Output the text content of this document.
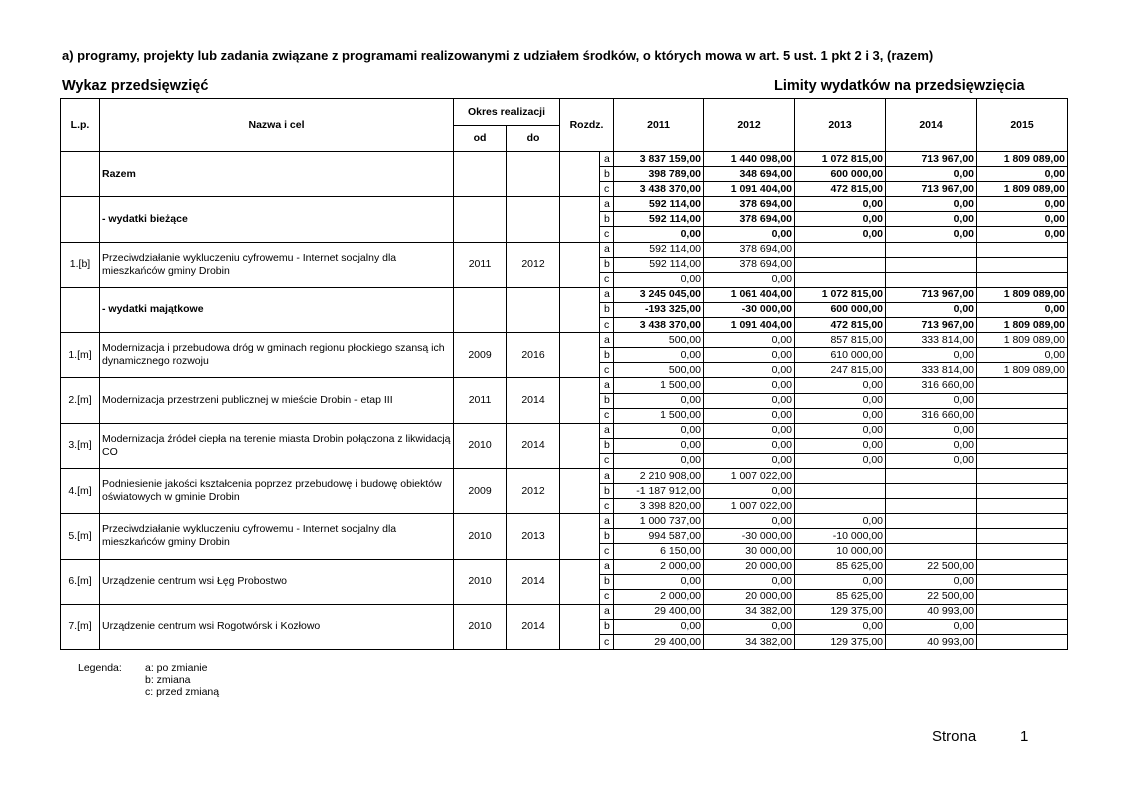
a) programy, projekty lub zadania związane z programami realizowanymi z udziałem środków, o których mowa w art. 5 ust. 1 pkt 2 i 3, (razem)
Wykaz przedsięwzięć	Limity wydatków na przedsięwzięcia
L.p.	Nazwa i cel	Okres realizacji		Rozdz.		2011	2012	2013	2014	2015
		od	do							
	Razem				a	3 837 159,00	1 440 098,00	1 072 815,00	713 967,00	1 809 089,00
					b	398 789,00	348 694,00	600 000,00	0,00	0,00
					c	3 438 370,00	1 091 404,00	472 815,00	713 967,00	1 809 089,00
	- wydatki bieżące				a	592 114,00	378 694,00	0,00	0,00	0,00
					b	592 114,00	378 694,00	0,00	0,00	0,00
					c	0,00	0,00	0,00	0,00	0,00
1.[b]	Przeciwdziałanie wykluczeniu cyfrowemu - Internet socjalny dla mieszkańców gminy Drobin	2011	2012		a	592 114,00	378 694,00			
					b	592 114,00	378 694,00			
					c	0,00	0,00			
	- wydatki majątkowe				a	3 245 045,00	1 061 404,00	1 072 815,00	713 967,00	1 809 089,00
					b	-193 325,00	-30 000,00	600 000,00	0,00	0,00
					c	3 438 370,00	1 091 404,00	472 815,00	713 967,00	1 809 089,00
1.[m]	Modernizacja i przebudowa dróg w gminach regionu płockiego szansą ich dynamicznego rozwoju	2009	2016		a	500,00	0,00	857 815,00	333 814,00	1 809 089,00
					b	0,00	0,00	610 000,00	0,00	0,00
					c	500,00	0,00	247 815,00	333 814,00	1 809 089,00
2.[m]	Modernizacja przestrzeni publicznej w mieście Drobin - etap III	2011	2014		a	1 500,00	0,00	0,00	316 660,00	
					b	0,00	0,00	0,00	0,00	
					c	1 500,00	0,00	0,00	316 660,00	
3.[m]	Modernizacja źródeł ciepła na terenie miasta Drobin połączona z likwidacją CO	2010	2014		a	0,00	0,00	0,00	0,00	
					b	0,00	0,00	0,00	0,00	
					c	0,00	0,00	0,00	0,00	
4.[m]	Podniesienie jakości kształcenia poprzez przebudowę i budowę obiektów oświatowych w gminie Drobin	2009	2012		a	2 210 908,00	1 007 022,00			
					b	-1 187 912,00	0,00			
					c	3 398 820,00	1 007 022,00			
5.[m]	Przeciwdziałanie wykluczeniu cyfrowemu - Internet socjalny dla mieszkańców gminy Drobin	2010	2013		a	1 000 737,00	0,00	0,00		
					b	994 587,00	-30 000,00	-10 000,00		
					c	6 150,00	30 000,00	10 000,00		
6.[m]	Urządzenie centrum wsi Łęg Probostwo	2010	2014		a	2 000,00	20 000,00	85 625,00	22 500,00	
					b	0,00	0,00	0,00	0,00	
					c	2 000,00	20 000,00	85 625,00	22 500,00	
7.[m]	Urządzenie centrum wsi Rogotwórsk i Kozłowo	2010	2014		a	29 400,00	34 382,00	129 375,00	40 993,00	
					b	0,00	0,00	0,00	0,00	
					c	29 400,00	34 382,00	129 375,00	40 993,00	
Legenda: a: po zmianie
b: zmiana
c: przed zmianą
Strona	1
